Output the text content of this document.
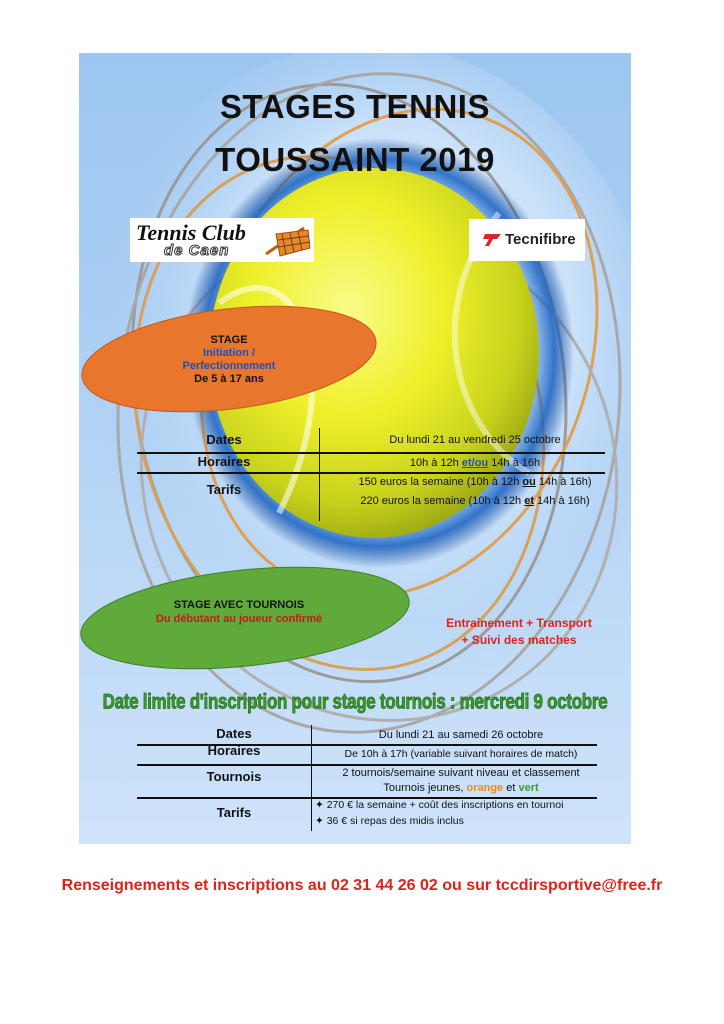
STAGES TENNIS
TOUSSAINT 2019
Tennis Club
de Caen
Tecnifibre
STAGE
Initiation /
Perfectionnement
De 5 à 17 ans
Dates	Du lundi 21 au vendredi 25 octobre
Horaires	10h à 12h et/ou 14h à 16h
Tarifs	150 euros la semaine (10h à 12h ou 14h à 16h)
220 euros la semaine (10h à 12h et 14h à 16h)
STAGE AVEC TOURNOIS
Du débutant au joueur confirmé	Entrainement + Transport
+ Suivi des matches
Date limite d'inscription pour stage tournois : mercredi 9 octobre
Dates	Du lundi 21 au samedi 26 octobre
Horaires	De 10h à 17h (variable suivant horaires de match)
Tournois	2 tournois/semaine suivant niveau et classement
Tournois jeunes, orange et vert
Tarifs	✦ 270 € la semaine + coût des inscriptions en tournoi
✦ 36 € si repas des midis inclus
Renseignements et inscriptions au 02 31 44 26 02 ou sur tccdirsportive@free.fr
